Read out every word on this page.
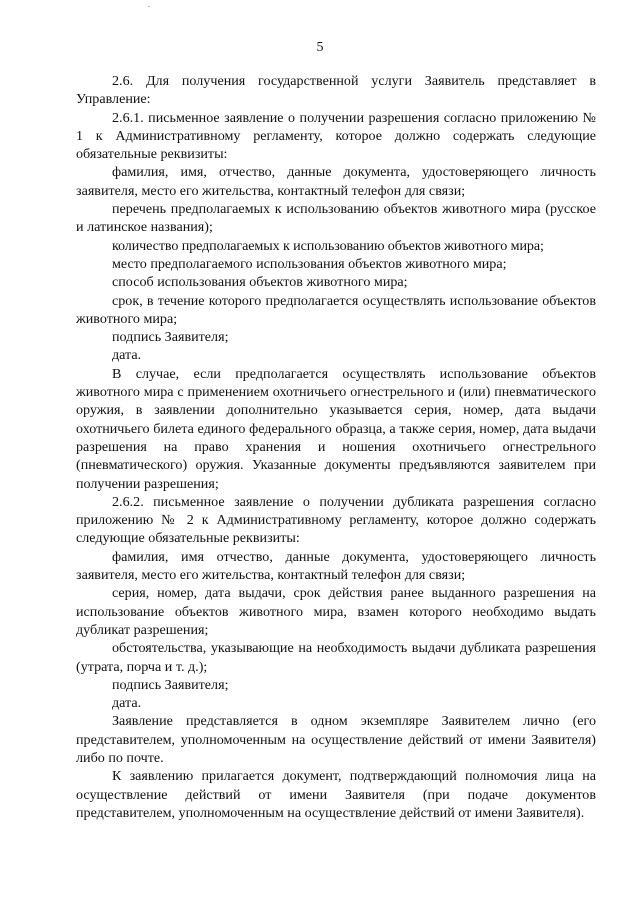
5

2.6. Для получения государственной услуги Заявитель представляет в Управление:

2.6.1. письменное заявление о получении разрешения согласно приложению № 1 к Административному регламенту, которое должно содержать следующие обязательные реквизиты:

фамилия, имя, отчество, данные документа, удостоверяющего личность заявителя, место его жительства, контактный телефон для связи;

перечень предполагаемых к использованию объектов животного мира (русское и латинское названия);

количество предполагаемых к использованию объектов животного мира;

место предполагаемого использования объектов животного мира;

способ использования объектов животного мира;

срок, в течение которого предполагается осуществлять использование объектов животного мира;

подпись Заявителя;

дата.

В случае, если предполагается осуществлять использование объектов животного мира с применением охотничьего огнестрельного и (или) пневматического оружия, в заявлении дополнительно указывается серия, номер, дата выдачи охотничьего билета единого федерального образца, а также серия, номер, дата выдачи разрешения на право хранения и ношения охотничьего огнестрельного (пневматического) оружия. Указанные документы предъявляются заявителем при получении разрешения;

2.6.2. письменное заявление о получении дубликата разрешения согласно приложению № 2 к Административному регламенту, которое должно содержать следующие обязательные реквизиты:

фамилия, имя отчество, данные документа, удостоверяющего личность заявителя, место его жительства, контактный телефон для связи;

серия, номер, дата выдачи, срок действия ранее выданного разрешения на использование объектов животного мира, взамен которого необходимо выдать дубликат разрешения;

обстоятельства, указывающие на необходимость выдачи дубликата разрешения (утрата, порча и т. д.);

подпись Заявителя;

дата.

Заявление представляется в одном экземпляре Заявителем лично (его представителем, уполномоченным на осуществление действий от имени Заявителя) либо по почте.

К заявлению прилагается документ, подтверждающий полномочия лица на осуществление действий от имени Заявителя (при подаче документов представителем, уполномоченным на осуществление действий от имени Заявителя).
